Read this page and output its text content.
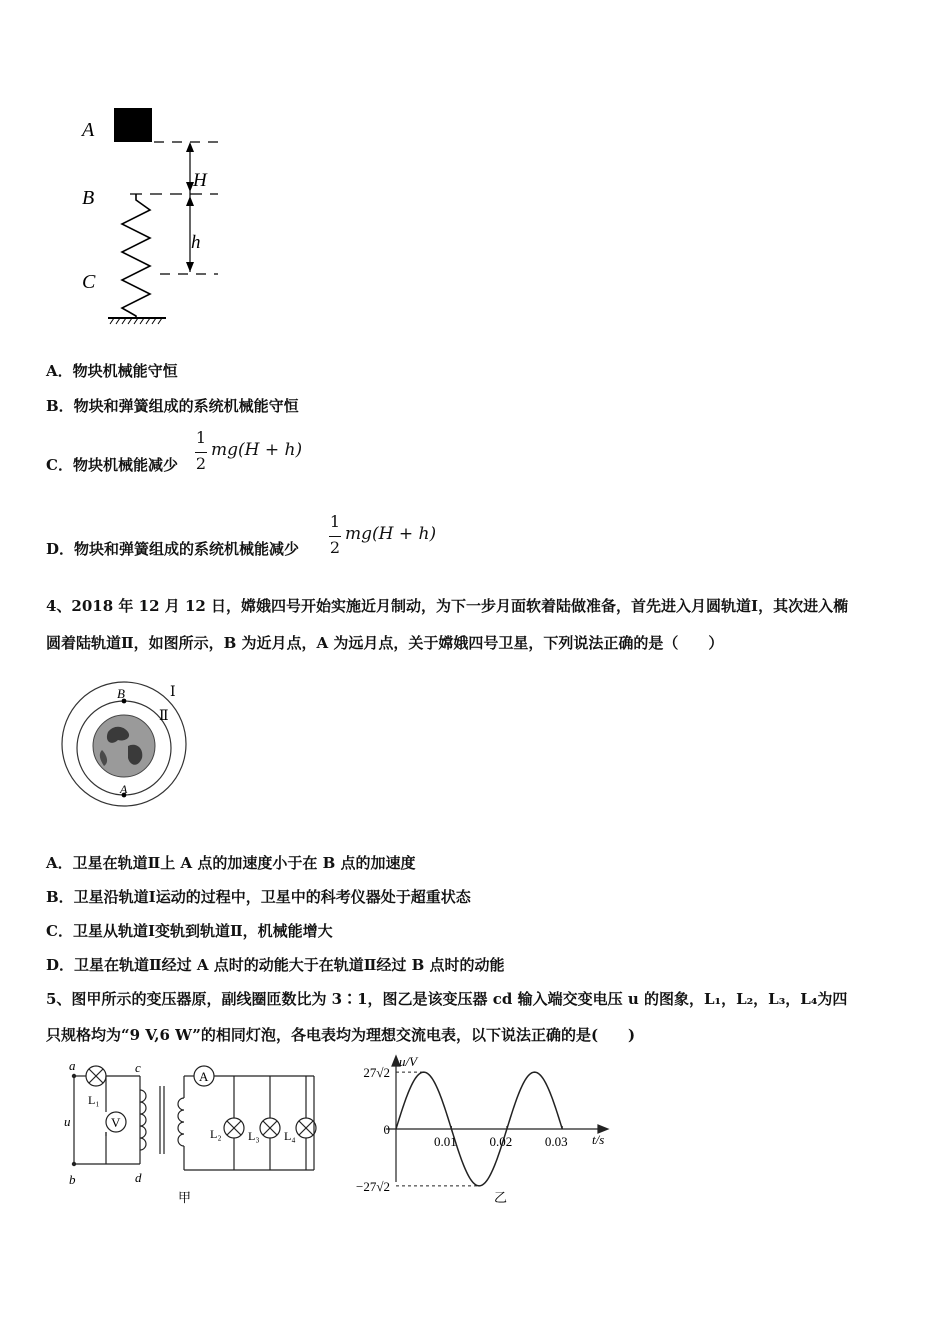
A
B
C
H
h
A．物块机械能守恒
B．物块和弹簧组成的系统机械能守恒
C．物块机械能减少
1
2
mg(H + h)
D．物块和弹簧组成的系统机械能减少
1
2
mg(H + h)
4、2018 年 12 月 12 日，嫦娥四号开始实施近月制动，为下一步月面软着陆做准备，首先进入月圆轨道Ⅰ，其次进入椭
圆着陆轨道Ⅱ，如图所示，B 为近月点，A 为远月点，关于嫦娥四号卫星，下列说法正确的是（　　）
B
A
Ⅰ
Ⅱ
A．卫星在轨道Ⅱ上 A 点的加速度小于在 B 点的加速度
B．卫星沿轨道Ⅰ运动的过程中，卫星中的科考仪器处于超重状态
C．卫星从轨道Ⅰ变轨到轨道Ⅱ，机械能增大
D．卫星在轨道Ⅱ经过 A 点时的动能大于在轨道Ⅱ经过 B 点时的动能
5、图甲所示的变压器原，副线圈匝数比为 3∶1，图乙是该变压器 cd 输入端交变电压 u 的图象，L₁，L₂，L₃，L₄为四
只规格均为“9 V,6 W”的相同灯泡，各电表均为理想交流电表，以下说法正确的是(　　)
a
b
c
d
u
L₁
V
A
L₂ L₃ L₄
甲
27√2
0
−27√2
0.01	0.02	0.03
u/V
t/s
乙
